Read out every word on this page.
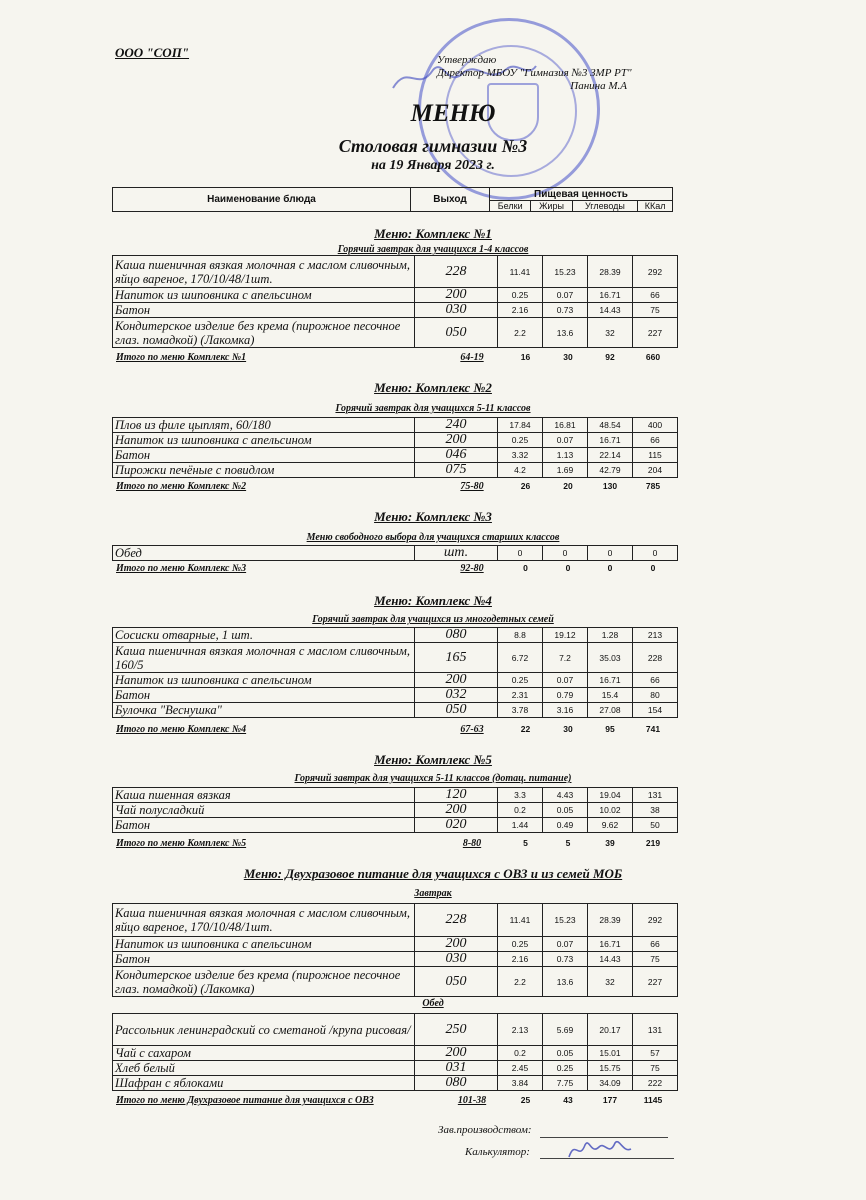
ООО "СОП"	Утверждаю
Директор МБОУ "Гимназия №3 ЗМР РТ"
Панина М.А
МЕНЮ
Столовая гимназии №3
на 19 Января 2023 г.
Наименование блюда	Выход	Пищевая ценность			
		Белки	Жиры	Углеводы	ККал
Меню: Комплекс №1
Горячий завтрак для учащихся 1-4 классов
Каша пшеничная вязкая молочная с маслом сливочным, яйцо вареное, 170/10/48/1шт.	228	11.41	15.23	28.39	292
Напиток из шиповника с апельсином	200	0.25	0.07	16.71	66
Батон	030	2.16	0.73	14.43	75
Кондитерское изделие без крема (пирожное песочное глаз. помадкой) (Лакомка)	050	2.2	13.6	32	227
Итого по меню Комплекс №1	64-19	16	30	92	660
Меню: Комплекс №2
Горячий завтрак для учащихся 5-11 классов
Плов из филе цыплят, 60/180	240	17.84	16.81	48.54	400
Напиток из шиповника с апельсином	200	0.25	0.07	16.71	66
Батон	046	3.32	1.13	22.14	115
Пирожки печёные с повидлом	075	4.2	1.69	42.79	204
Итого по меню Комплекс №2	75-80	26	20	130	785
Меню: Комплекс №3
Меню свободного выбора для учащихся старших классов
Обед	шт.	0	0	0	0
Итого по меню Комплекс №3	92-80	0	0	0	0
Меню: Комплекс №4
Горячий завтрак для учащихся из многодетных семей
Сосиски отварные, 1 шт.	080	8.8	19.12	1.28	213
Каша пшеничная вязкая молочная с маслом сливочным, 160/5	165	6.72	7.2	35.03	228
Напиток из шиповника с апельсином	200	0.25	0.07	16.71	66
Батон	032	2.31	0.79	15.4	80
Булочка "Веснушка"	050	3.78	3.16	27.08	154
Итого по меню Комплекс №4	67-63	22	30	95	741
Меню: Комплекс №5
Горячий завтрак для учащихся 5-11 классов (дотац. питание)
Каша пшенная вязкая	120	3.3	4.43	19.04	131
Чай полусладкий	200	0.2	0.05	10.02	38
Батон	020	1.44	0.49	9.62	50
Итого по меню Комплекс №5	8-80	5	5	39	219
Меню: Двухразовое питание для учащихся с ОВЗ и из семей МОБ
Завтрак
Каша пшеничная вязкая молочная с маслом сливочным, яйцо вареное, 170/10/48/1шт.	228	11.41	15.23	28.39	292
Напиток из шиповника с апельсином	200	0.25	0.07	16.71	66
Батон	030	2.16	0.73	14.43	75
Кондитерское изделие без крема (пирожное песочное глаз. помадкой) (Лакомка)	050	2.2	13.6	32	227
Обед
Рассольник ленинградский со сметаной /крупа рисовая/	250	2.13	5.69	20.17	131
Чай с сахаром	200	0.2	0.05	15.01	57
Хлеб белый	031	2.45	0.25	15.75	75
Шафран с яблоками	080	3.84	7.75	34.09	222
Итого по меню Двухразовое питание для учащихся с ОВЗ	101-38	25	43	177	1145
Зав.производством:
Калькулятор:
